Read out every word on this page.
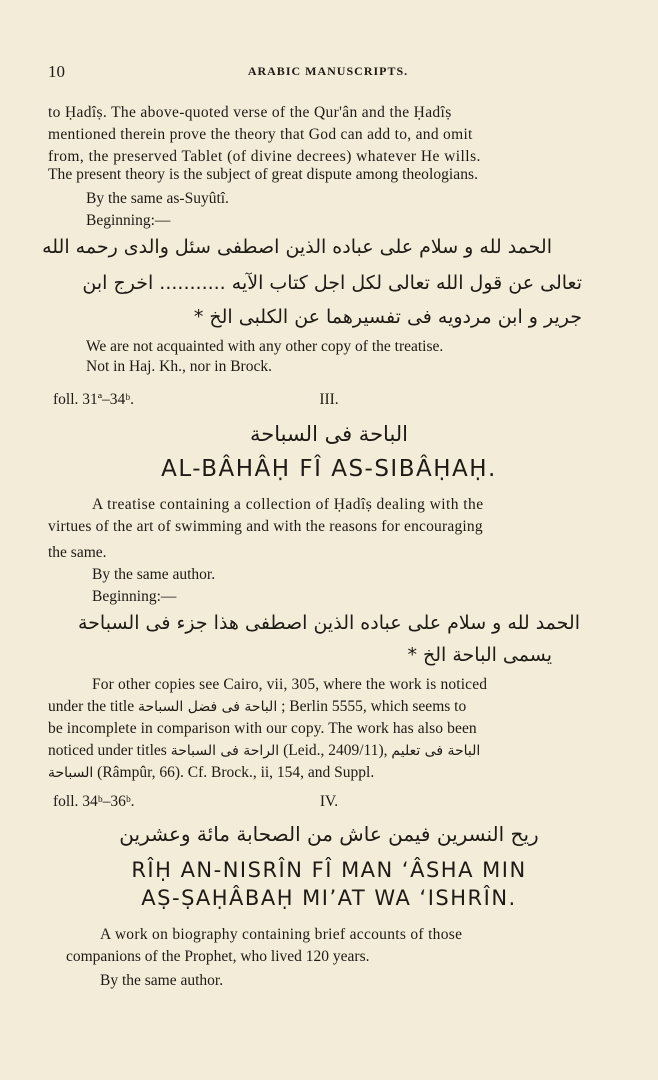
10	ARABIC MANUSCRIPTS.
to Ḥadîṣ. The above-quoted verse of the Qur'ân and the Ḥadîṣ
mentioned therein prove the theory that God can add to, and omit
from, the preserved Tablet (of divine decrees) whatever He wills.
The present theory is the subject of great dispute among theologians.
By the same as-Suyûtî.
Beginning:—
الحمد لله و سلام على عباده الذين اصطفى سئل والدى رحمه الله
تعالى عن قول الله تعالى لكل اجل كتاب الآيه ........... اخرج ابن
جرير و ابن مردويه فى تفسيرهما عن الكلبى الخ *
We are not acquainted with any other copy of the treatise.
Not in Haj. Kh., nor in Brock.
foll. 31ª–34ᵇ.	III.
الباحة فى السباحة
AL-BÂHÂḤ FÎ AS-SIBÂḤAḤ.
A treatise containing a collection of Ḥadîṣ dealing with the
virtues of the art of swimming and with the reasons for encouraging
the same.
By the same author.
Beginning:—
الحمد لله و سلام على عباده الذين اصطفى هذا جزء فى السباحة
يسمى الباحة الخ *
For other copies see Cairo, vii, 305, where the work is noticed
under the title الباحة فى فضل السباحة ; Berlin 5555, which seems to
be incomplete in comparison with our copy. The work has also been
noticed under titles الراحة فى السباحة (Leid., 2409/11), الباحة فى تعليم
السباحة (Râmpûr, 66). Cf. Brock., ii, 154, and Suppl.
foll. 34ᵇ–36ᵇ.	IV.
ريح النسرين فيمن عاش من الصحابة مائة وعشرين
RÎḤ AN-NISRÎN FÎ MAN ‘ÂSHA MIN
AṢ-ṢAḤÂBAḤ MI’AT WA ‘ISHRÎN.
A work on biography containing brief accounts of those
companions of the Prophet, who lived 120 years.
By the same author.
